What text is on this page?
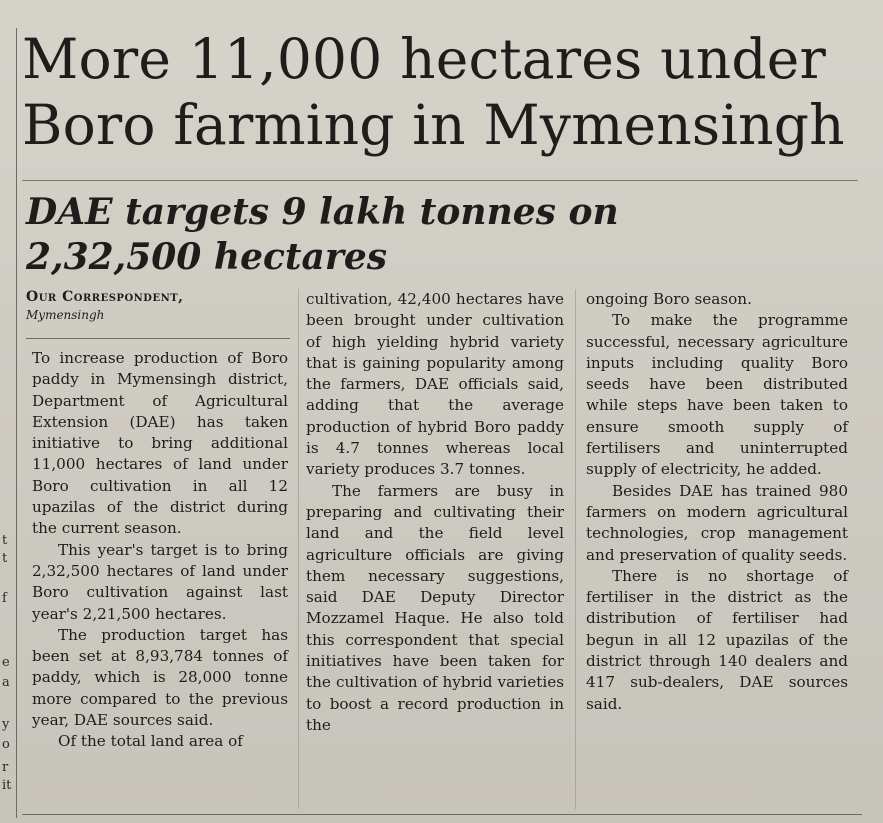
t
t
f
e
a
y
o
r
it
More 11,000 hectares under
Boro farming in Mymensingh
DAE targets 9 lakh tonnes on
2,32,500 hectares
Our Correspondent,
Mymensingh

To increase production of Boro paddy in Mymensingh district, Department of Agricultural Extension (DAE) has taken initiative to bring additional 11,000 hectares of land under Boro cultivation in all 12 upazilas of the district during the current season.

This year's target is to bring 2,32,500 hectares of land under Boro cultivation against last year's 2,21,500 hectares.

The production target has been set at 8,93,784 tonnes of paddy, which is 28,000 tonne more compared to the previous year, DAE sources said.

Of the total land area of

cultivation, 42,400 hectares have been brought under cultivation of high yielding hybrid variety that is gaining popularity among the farmers, DAE officials said, adding that the average production of hybrid Boro paddy is 4.7 tonnes whereas local variety produces 3.7 tonnes.

The farmers are busy in preparing and cultivating their land and the field level agriculture officials are giving them necessary suggestions, said DAE Deputy Director Mozzamel Haque. He also told this correspondent that special initiatives have been taken for the cultivation of hybrid varieties to boost a record production in the

ongoing Boro season.

To make the programme successful, necessary agriculture inputs including quality Boro seeds have been distributed while steps have been taken to ensure smooth supply of fertilisers and uninterrupted supply of electricity, he added.

Besides DAE has trained 980 farmers on modern agricultural technologies, crop management and preservation of quality seeds.

There is no shortage of fertiliser in the district as the distribution of fertiliser had begun in all 12 upazilas of the district through 140 dealers and 417 sub-dealers, DAE sources said.
